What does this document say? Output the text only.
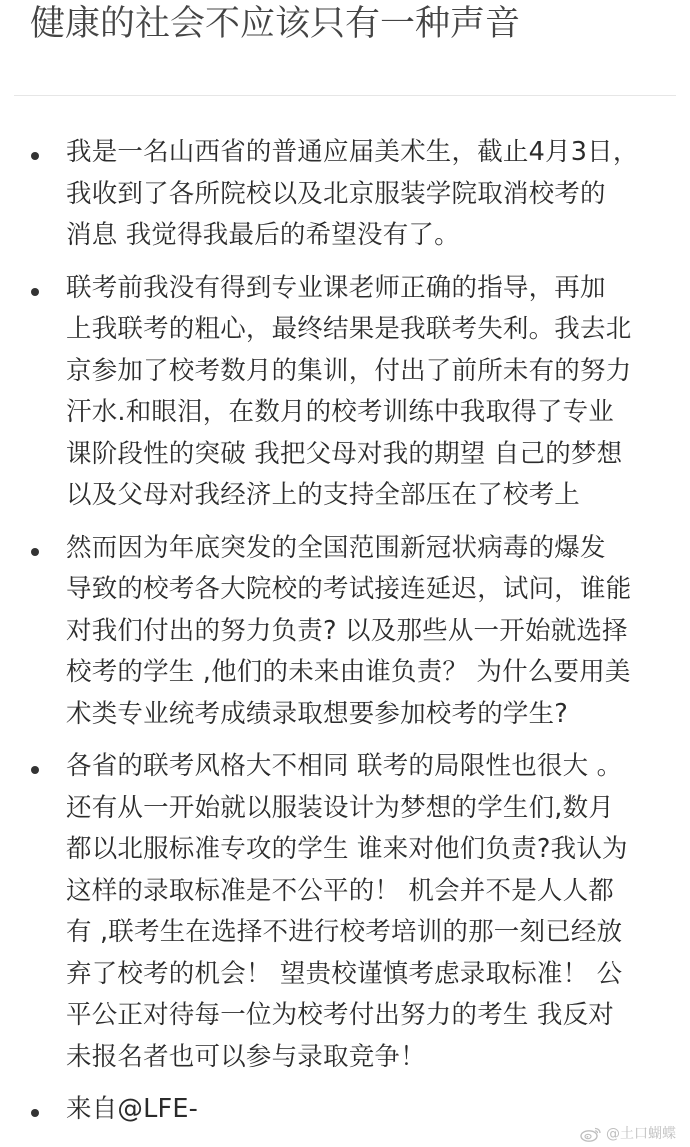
健康的社会不应该只有一种声音
我是一名山西省的普通应届美术生，截止4月3日，
我收到了各所院校以及北京服装学院取消校考的
消息 我觉得我最后的希望没有了。
联考前我没有得到专业课老师正确的指导，再加
上我联考的粗心，最终结果是我联考失利。我去北
京参加了校考数月的集训，付出了前所未有的努力
汗水.和眼泪，在数月的校考训练中我取得了专业
课阶段性的突破 我把父母对我的期望 自己的梦想
以及父母对我经济上的支持全部压在了校考上
然而因为年底突发的全国范围新冠状病毒的爆发
导致的校考各大院校的考试接连延迟，试问，谁能
对我们付出的努力负责? 以及那些从一开始就选择
校考的学生 ,他们的未来由谁负责？ 为什么要用美
术类专业统考成绩录取想要参加校考的学生?
各省的联考风格大不相同 联考的局限性也很大 。
还有从一开始就以服装设计为梦想的学生们,数月
都以北服标准专攻的学生 谁来对他们负责?我认为
这样的录取标准是不公平的！ 机会并不是人人都
有 ,联考生在选择不进行校考培训的那一刻已经放
弃了校考的机会！ 望贵校谨慎考虑录取标准！ 公
平公正对待每一位为校考付出努力的考生 我反对
未报名者也可以参与录取竞争！
来自@LFE-
@土口蝴蝶
